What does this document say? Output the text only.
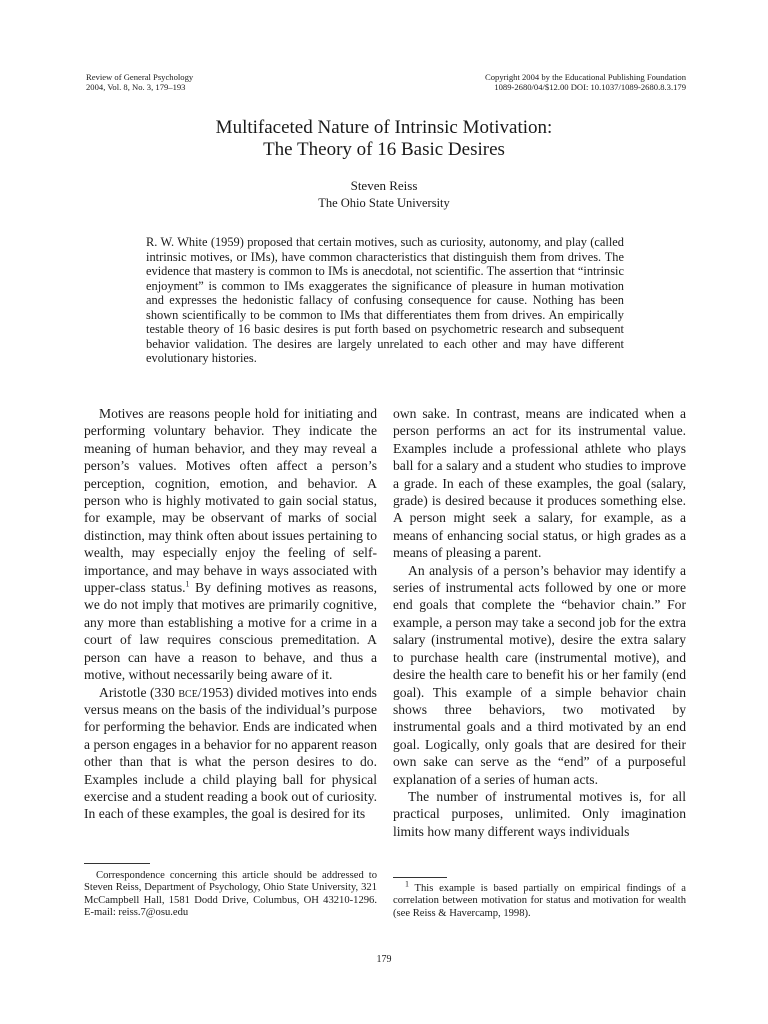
Review of General Psychology
2004, Vol. 8, No. 3, 179–193
Copyright 2004 by the Educational Publishing Foundation
1089-2680/04/$12.00 DOI: 10.1037/1089-2680.8.3.179
Multifaceted Nature of Intrinsic Motivation:
The Theory of 16 Basic Desires
Steven Reiss
The Ohio State University

R. W. White (1959) proposed that certain motives, such as curiosity, autonomy, and play (called intrinsic motives, or IMs), have common characteristics that distinguish them from drives. The evidence that mastery is common to IMs is anecdotal, not scientific. The assertion that “intrinsic enjoyment” is common to IMs exaggerates the significance of pleasure in human motivation and expresses the hedonistic fallacy of confusing consequence for cause. Nothing has been shown scientifically to be common to IMs that differentiates them from drives. An empirically testable theory of 16 basic desires is put forth based on psychometric research and subsequent behavior validation. The desires are largely unrelated to each other and may have different evolutionary histories.

Motives are reasons people hold for initiating and performing voluntary behavior. They indicate the meaning of human behavior, and they may reveal a person’s values. Motives often affect a person’s perception, cognition, emotion, and behavior. A person who is highly motivated to gain social status, for example, may be observant of marks of social distinction, may think often about issues pertaining to wealth, may especially enjoy the feeling of self-importance, and may behave in ways associated with upper-class status.$^1$ By defining motives as reasons, we do not imply that motives are primarily cognitive, any more than establishing a motive for a crime in a court of law requires conscious premeditation. A person can have a reason to behave, and thus a motive, without necessarily being aware of it.

Aristotle (330 bce/1953) divided motives into ends versus means on the basis of the individual’s purpose for performing the behavior. Ends are indicated when a person engages in a behavior for no apparent reason other than that is what the person desires to do. Examples include a child playing ball for physical exercise and a student reading a book out of curiosity. In each of these examples, the goal is desired for its

own sake. In contrast, means are indicated when a person performs an act for its instrumental value. Examples include a professional athlete who plays ball for a salary and a student who studies to improve a grade. In each of these examples, the goal (salary, grade) is desired because it produces something else. A person might seek a salary, for example, as a means of enhancing social status, or high grades as a means of pleasing a parent.

An analysis of a person’s behavior may identify a series of instrumental acts followed by one or more end goals that complete the “behavior chain.” For example, a person may take a second job for the extra salary (instrumental motive), desire the extra salary to purchase health care (instrumental motive), and desire the health care to benefit his or her family (end goal). This example of a simple behavior chain shows three behaviors, two motivated by instrumental goals and a third motivated by an end goal. Logically, only goals that are desired for their own sake can serve as the “end” of a purposeful explanation of a series of human acts.

The number of instrumental motives is, for all practical purposes, unlimited. Only imagination limits how many different ways individuals

Correspondence concerning this article should be addressed to Steven Reiss, Department of Psychology, Ohio State University, 321 McCampbell Hall, 1581 Dodd Drive, Columbus, OH 43210-1296. E-mail: reiss.7@osu.edu

$^1$ This example is based partially on empirical findings of a correlation between motivation for status and motivation for wealth (see Reiss & Havercamp, 1998).

179
